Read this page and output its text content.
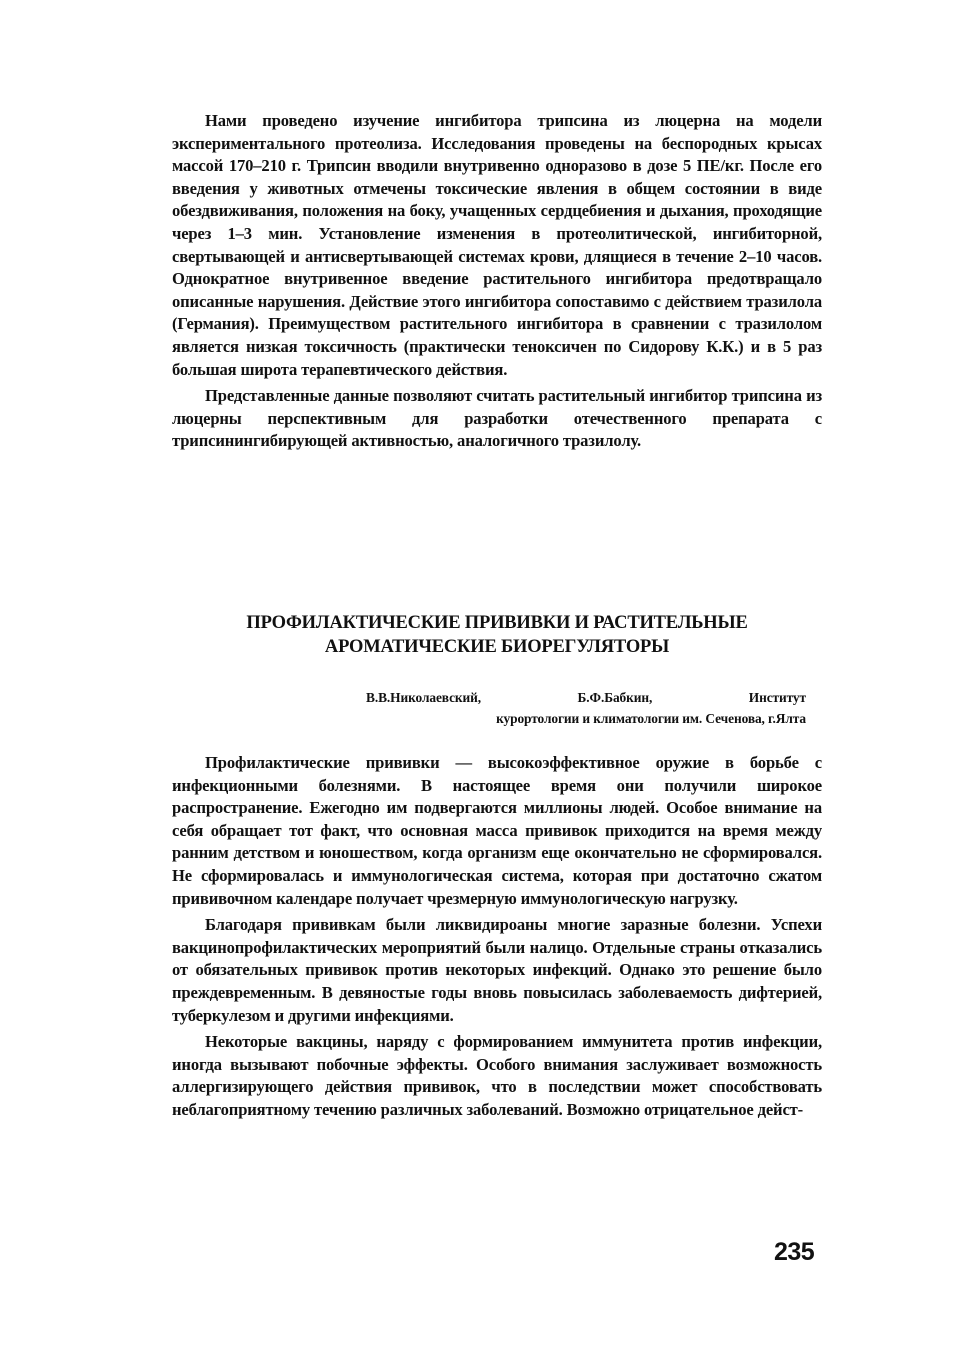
Нами проведено изучение ингибитора трипсина из люцерна на модели экспериментального протеолиза. Исследования проведены на беспородных крысах массой 170–210 г. Трипсин вводили внутривенно одноразово в дозе 5 ПЕ/кг. После его введения у животных отмечены токсические явления в общем состоянии в виде обездвиживания, положения на боку, учащенных сердцебиения и дыхания, проходящие через 1–3 мин. Установление изменения в протеолитической, ингибиторной, свертывающей и антисвертывающей системах крови, длящиеся в течение 2–10 часов. Однократное внутривенное введение растительного ингибитора предотвращало описанные нарушения. Действие этого ингибитора сопоставимо с действием тразилола (Германия). Преимуществом растительного ингибитора в сравнении с тразилолом является низкая токсичность (практически теноксичен по Сидорову К.К.) и в 5 раз большая широта терапевтического действия.

Представленные данные позволяют считать растительный ингибитор трипсина из люцерны перспективным для разработки отечественного препарата с трипсинингибирующей активностью, аналогичного тразилолу.

ПРОФИЛАКТИЧЕСКИЕ ПРИВИВКИ И РАСТИТЕЛЬНЫЕ
АРОМАТИЧЕСКИЕ БИОРЕГУЛЯТОРЫ
В.В.Николаевский, Б.Ф.Бабкин, Институт
курортологии и климатологии им. Сеченова, г.Ялта

Профилактические прививки — высокоэффективное оружие в борьбе с инфекционными болезнями. В настоящее время они получили широкое распространение. Ежегодно им подвергаются миллионы людей. Особое внимание на себя обращает тот факт, что основная масса прививок приходится на время между ранним детством и юношеством, когда организм еще окончательно не сформировался. Не сформировалась и иммунологическая система, которая при достаточно сжатом прививочном календаре получает чрезмерную иммунологическую нагрузку.

Благодаря прививкам были ликвидироаны многие заразные болезни. Успехи вакцинопрофилактических мероприятий были налицо. Отдельные страны отказались от обязательных прививок против некоторых инфекций. Однако это решение было преждевременным. В девяностые годы вновь повысилась заболеваемость дифтерией, туберкулезом и другими инфекциями.

Некоторые вакцины, наряду с формированием иммунитета против инфекции, иногда вызывают побочные эффекты. Особого внимания заслуживает возможность аллергизирующего действия прививок, что в последствии может способствовать неблагоприятному течению различных заболеваний. Возможно отрицательное дейст-

235
